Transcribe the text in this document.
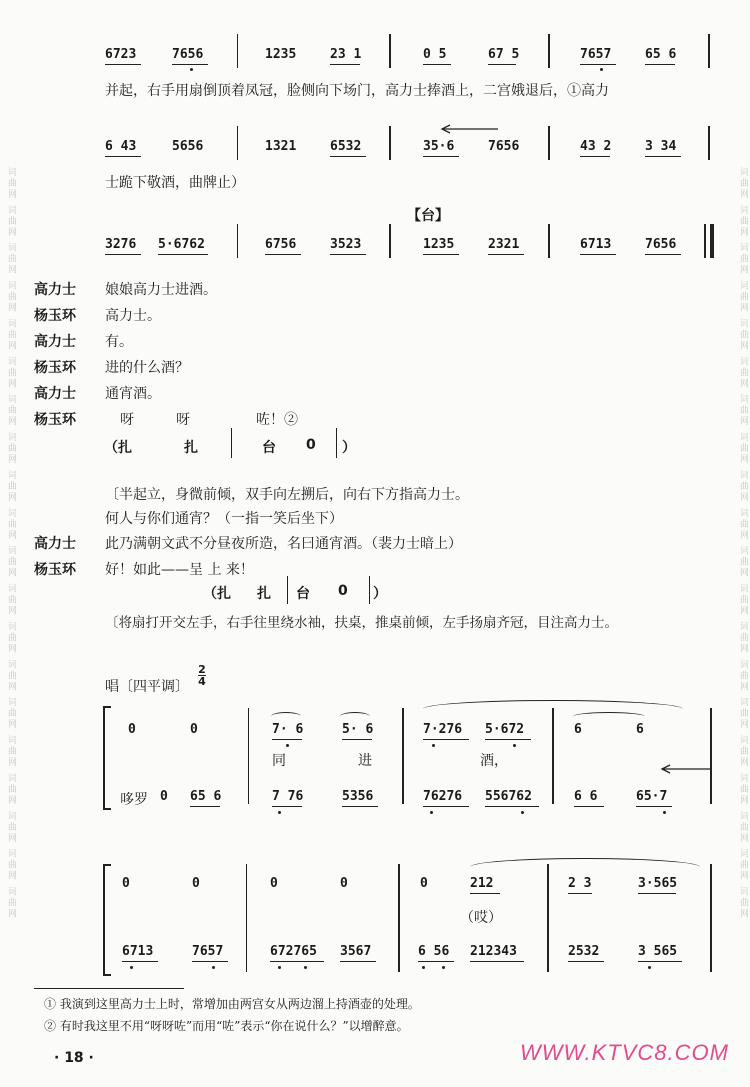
词曲网 词曲网 词曲网 词曲网 词曲网 词曲网 词曲网 词曲网 词曲网 词曲网 词曲网 词曲网 词曲网 词曲网 词曲网 词曲网 词曲网 词曲网 词曲网 词曲网
词曲网 词曲网 词曲网 词曲网 词曲网 词曲网 词曲网 词曲网 词曲网 词曲网 词曲网 词曲网 词曲网 词曲网 词曲网 词曲网 词曲网 词曲网 词曲网 词曲网
6723	7656	1235	23 1	0 5	67 5	7657	65 6
并起，右手用扇倒顶着凤冠，脸侧向下场门，高力士捧酒上，二宫娥退后，①高力
6 43	5656	1321	6532	35·6	7656	43 2	3 34
士跪下敬酒，曲牌止）
【台】
3276 5·6762	6756	3523	1235	2321	6713	7656
高力士 娘娘高力士进酒。
杨玉环 高力士。
高力士 有。
杨玉环 进的什么酒？
高力士 通宵酒。
杨玉环	呀	呀	咗！②
（扎	扎	台 0 ）
〔半起立，身微前倾，双手向左搠后，向右下方指高力士。
何人与你们通宵？（一指一笑后坐下）
高力士 此乃满朝文武不分昼夜所造，名曰通宵酒。（裴力士暗上）
杨玉环 好！如此——呈 上 来！
（扎 扎 台 0 ）
〔将扇打开交左手，右手往里绕水袖，扶桌，推桌前倾，左手扬扇齐冠，目注高力士。
唱〔四平调〕
2
4
0	0	7· 6	5· 6	7·276 5·672	6	6
同	进	酒，
哆罗 0 65 6	7 76	5356	76276 556762	6 6	65·7
0	0	0	0	0	212	2 3	3·565
（哎）
6713	7657	672765 3567	6 56 212343	2532	3 565
① 我演到这里高力士上时，常增加由两宫女从两边溜上持酒壶的处理。
② 有时我这里不用“呀呀咗”而用“咗”表示“你在说什么？”以增醉意。
· 18 ·	WWW.KTVC8.COM
